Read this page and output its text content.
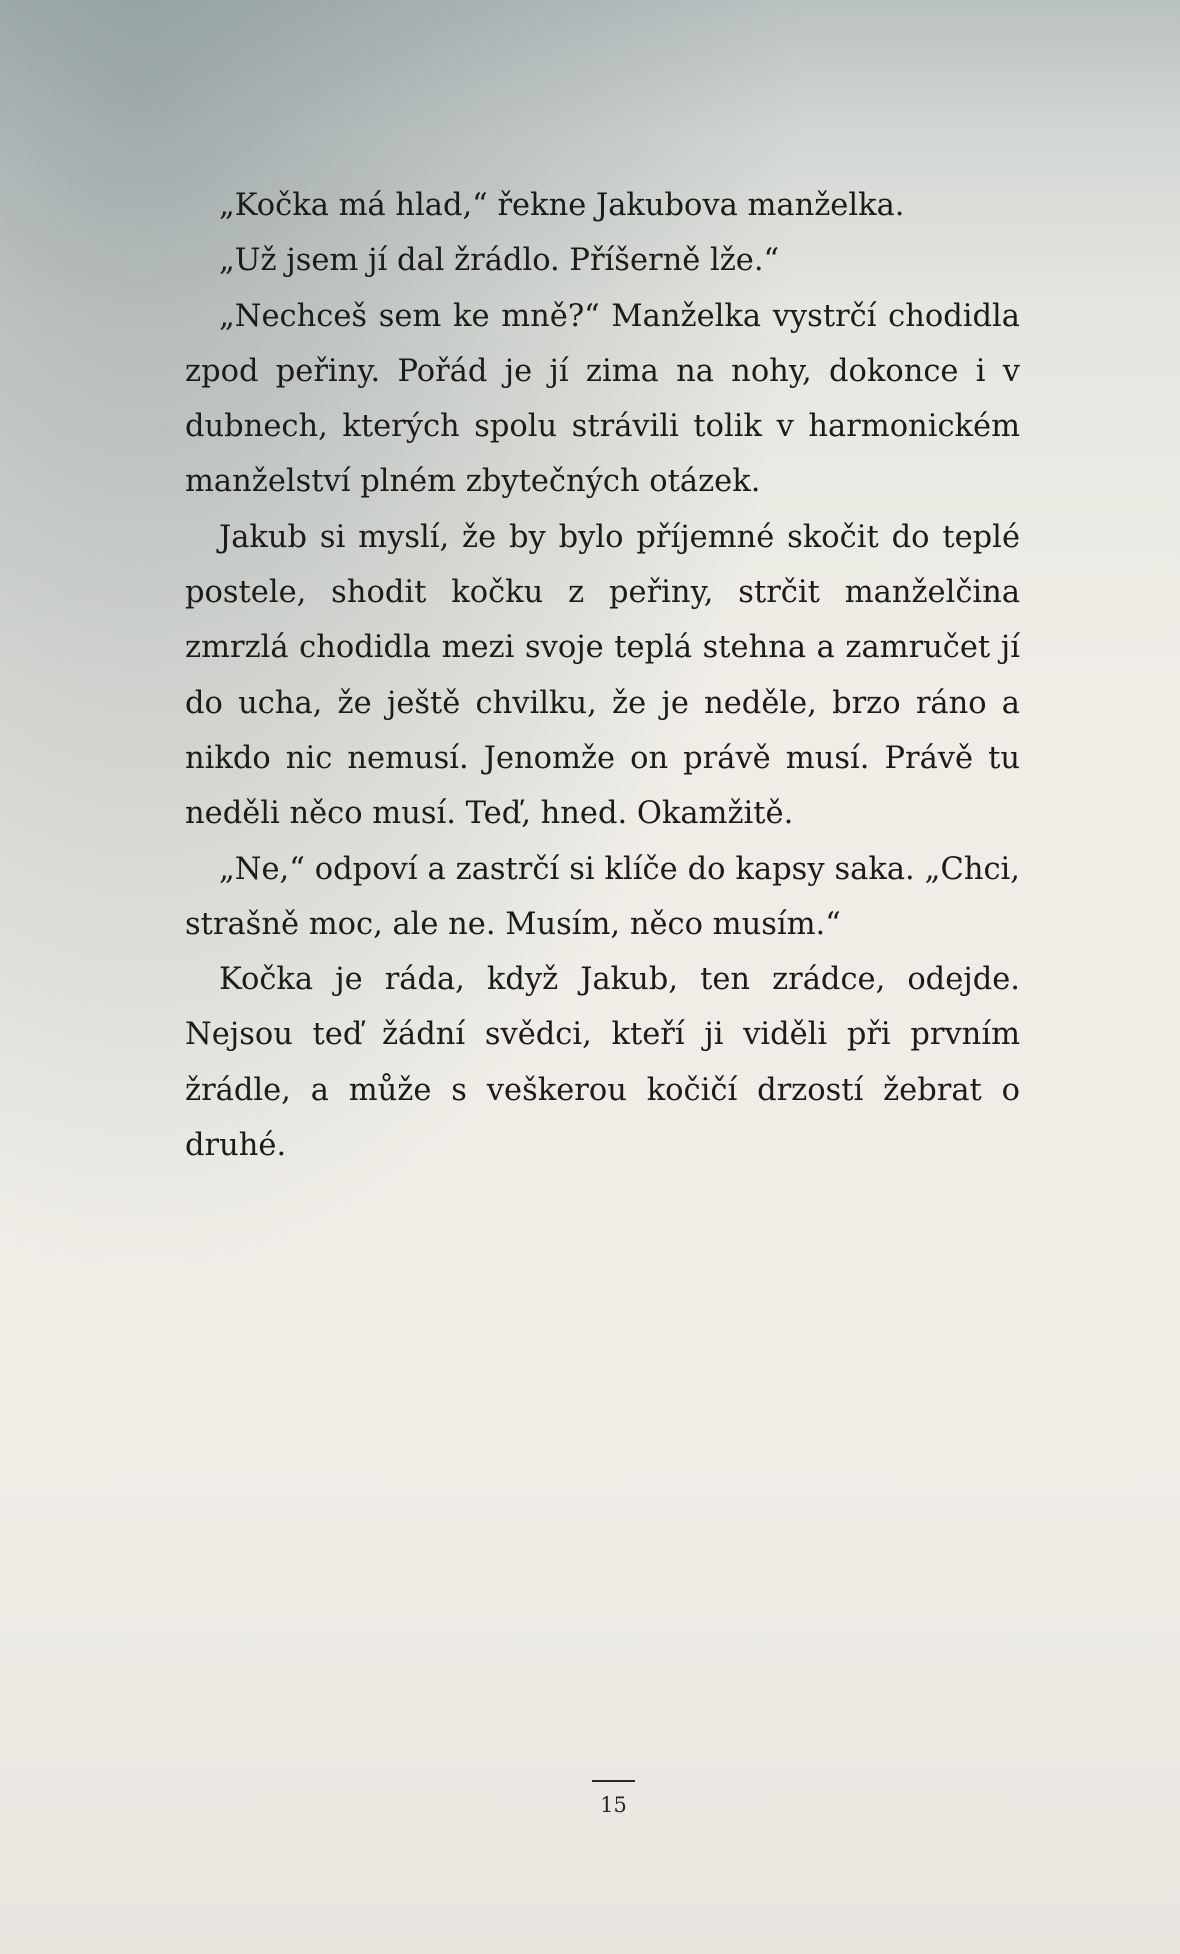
„Kočka má hlad,“ řekne Jakubova manželka.

„Už jsem jí dal žrádlo. Příšerně lže.“

„Nechceš sem ke mně?“ Manželka vystrčí chodidla zpod peřiny. Pořád je jí zima na nohy, dokonce i v dubnech, kterých spolu strávili tolik v harmonickém manželství plném zbytečných otázek.

Jakub si myslí, že by bylo příjemné skočit do teplé postele, shodit kočku z peřiny, strčit manželčina zmrzlá chodidla mezi svoje teplá stehna a zamručet jí do ucha, že ještě chvilku, že je neděle, brzo ráno a nikdo nic nemusí. Jenomže on právě musí. Právě tu neděli něco musí. Teď, hned. Okamžitě.

„Ne,“ odpoví a zastrčí si klíče do kapsy saka. „Chci, strašně moc, ale ne. Musím, něco musím.“

Kočka je ráda, když Jakub, ten zrádce, odejde. Nejsou teď žádní svědci, kteří ji viděli při prvním žrádle, a může s veškerou kočičí drzostí žebrat o druhé.

15
